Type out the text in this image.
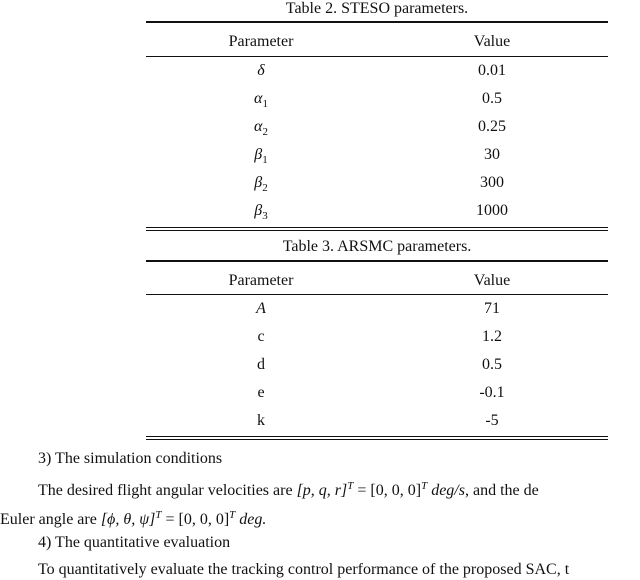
Table 2. STESO parameters.
Parameter	Value
δ	0.01
$\alpha_1$	0.5
$\alpha_2$	0.25
$\beta_1$	30
$\beta_2$	300
$\beta_3$	1000
Table 3. ARSMC parameters.
Parameter	Value
A	71
c	1.2
d	0.5
e	-0.1
k	-5
3) The simulation conditions
The desired flight angular velocities are [p, q, r]$^T$ = [0, 0, 0]$^T$ deg/s, and the de
Euler angle are [ϕ, θ, ψ]$^T$ = [0, 0, 0]$^T$ deg.
4) The quantitative evaluation
To quantitatively evaluate the tracking control performance of the proposed SAC, t
